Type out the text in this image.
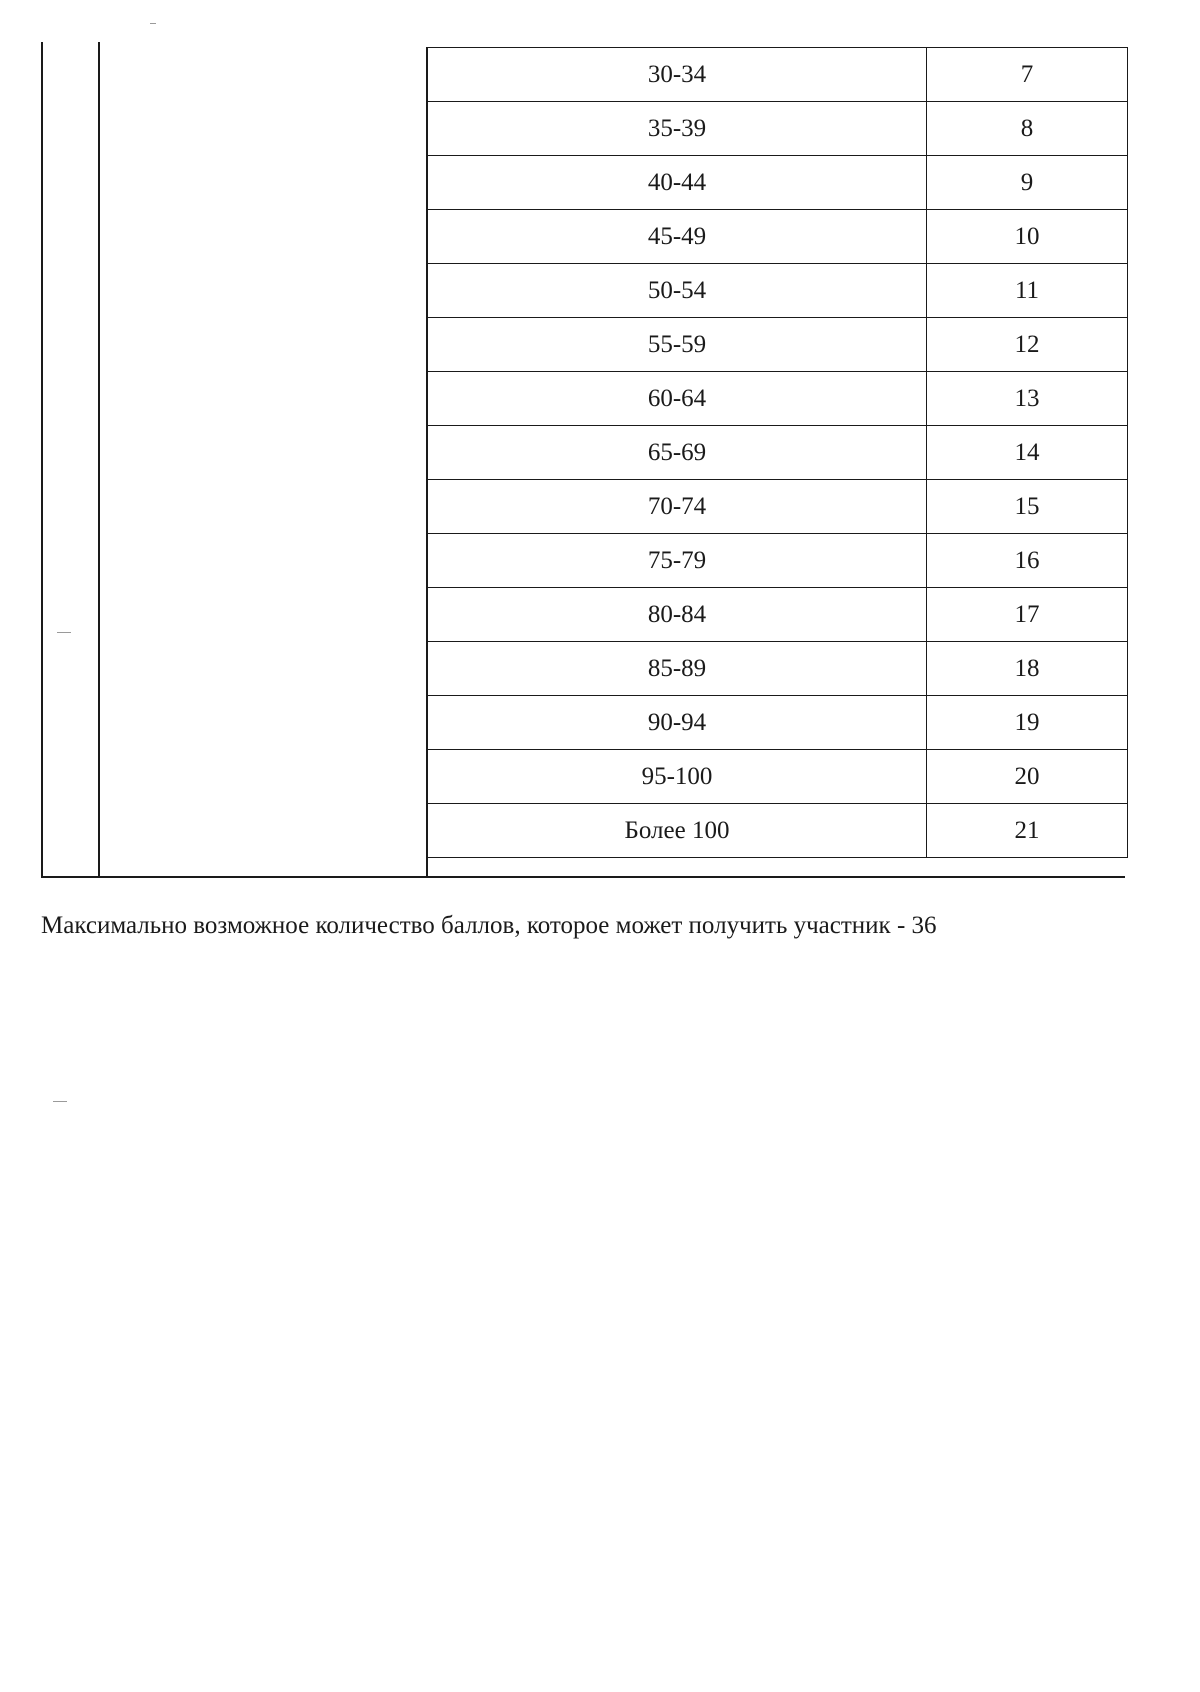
30-34	7
35-39	8
40-44	9
45-49	10
50-54	11
55-59	12
60-64	13
65-69	14
70-74	15
75-79	16
80-84	17
85-89	18
90-94	19
95-100	20
Более 100	21
Максимально возможное количество баллов, которое может получить участник - 36
